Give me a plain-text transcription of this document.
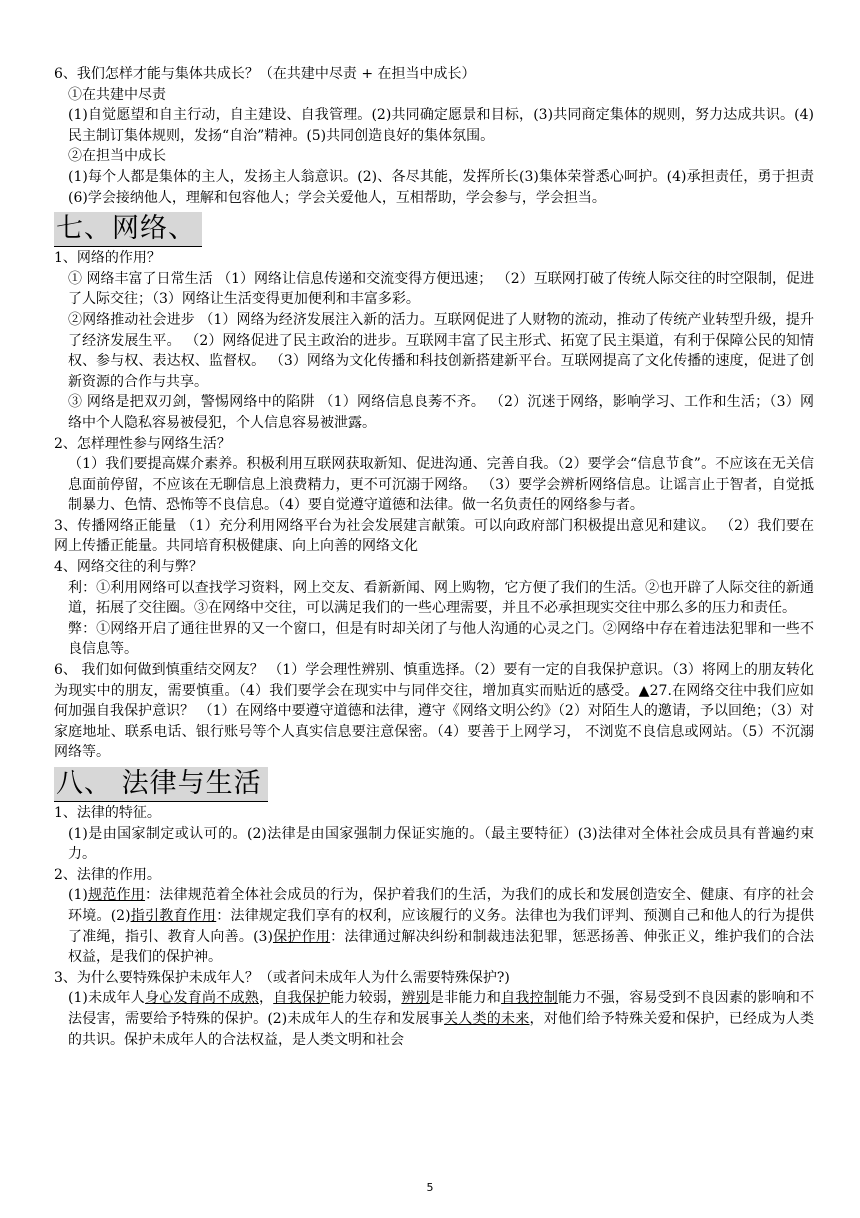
6、我们怎样才能与集体共成长？（在共建中尽责 + 在担当中成长）

①在共建中尽责

(1)自觉愿望和自主行动，自主建设、自我管理。(2)共同确定愿景和目标，(3)共同商定集体的规则，努力达成共识。(4)民主制订集体规则，发扬“自治”精神。(5)共同创造良好的集体氛围。

②在担当中成长

(1)每个人都是集体的主人，发扬主人翁意识。(2)、各尽其能，发挥所长(3)集体荣誉悉心呵护。(4)承担责任，勇于担责(6)学会接纳他人，理解和包容他人；学会关爱他人，互相帮助，学会参与，学会担当。

七、网络、

1、网络的作用？

① 网络丰富了日常生活 （1）网络让信息传递和交流变得方便迅速； （2）互联网打破了传统人际交往的时空限制，促进了人际交往；（3）网络让生活变得更加便利和丰富多彩。

②网络推动社会进步 （1）网络为经济发展注入新的活力。互联网促进了人财物的流动，推动了传统产业转型升级，提升了经济发展生平。 （2）网络促进了民主政治的进步。互联网丰富了民主形式、拓宽了民主渠道，有利于保障公民的知情权、参与权、表达权、监督权。 （3）网络为文化传播和科技创新搭建新平台。互联网提高了文化传播的速度，促进了创新资源的合作与共享。

③ 网络是把双刃剑，警惕网络中的陷阱 （1）网络信息良莠不齐。 （2）沉迷于网络，影响学习、工作和生活；（3）网络中个人隐私容易被侵犯，个人信息容易被泄露。

2、怎样理性参与网络生活？

（1）我们要提高媒介素养。积极利用互联网获取新知、促进沟通、完善自我。（2）要学会“信息节食”。不应该在无关信息面前停留，不应该在无聊信息上浪费精力，更不可沉溺于网络。 （3）要学会辨析网络信息。让谣言止于智者，自觉抵制暴力、色情、恐怖等不良信息。（4）要自觉遵守道德和法律。做一名负责任的网络参与者。

3、传播网络正能量 （1）充分利用网络平台为社会发展建言献策。可以向政府部门积极提出意见和建议。 （2）我们要在网上传播正能量。共同培育积极健康、向上向善的网络文化

4、网络交往的利与弊？

利：①利用网络可以查找学习资料，网上交友、看新新闻、网上购物，它方便了我们的生活。②也开辟了人际交往的新通道，拓展了交往圈。③在网络中交往，可以满足我们的一些心理需要，并且不必承担现实交往中那么多的压力和责任。

弊：①网络开启了通往世界的又一个窗口，但是有时却关闭了与他人沟通的心灵之门。②网络中存在着违法犯罪和一些不良信息等。

6、 我们如何做到慎重结交网友？ （1）学会理性辨别、慎重选择。（2）要有一定的自我保护意识。（3）将网上的朋友转化为现实中的朋友，需要慎重。（4）我们要学会在现实中与同伴交往，增加真实而贴近的感受。▲27.在网络交往中我们应如何加强自我保护意识？ （1）在网络中要遵守道德和法律，遵守《网络文明公约》（2）对陌生人的邀请，予以回绝；（3）对家庭地址、联系电话、银行账号等个人真实信息要注意保密。（4）要善于上网学习， 不浏览不良信息或网站。（5）不沉溺网络等。

八、 法律与生活

1、法律的特征。

(1)是由国家制定或认可的。(2)法律是由国家强制力保证实施的。（最主要特征）(3)法律对全体社会成员具有普遍约束力。

2、法律的作用。

(1)规范作用：法律规范着全体社会成员的行为，保护着我们的生活，为我们的成长和发展创造安全、健康、有序的社会环境。(2)指引教育作用：法律规定我们享有的权利，应该履行的义务。法律也为我们评判、预测自己和他人的行为提供了准绳，指引、教育人向善。(3)保护作用：法律通过解决纠纷和制裁违法犯罪，惩恶扬善、伸张正义，维护我们的合法权益，是我们的保护神。

3、为什么要特殊保护未成年人？（或者问未成年人为什么需要特殊保护?)

(1)未成年人身心发育尚不成熟，自我保护能力较弱，辨别是非能力和自我控制能力不强，容易受到不良因素的影响和不法侵害，需要给予特殊的保护。(2)未成年人的生存和发展事关人类的未来，对他们给予特殊关爱和保护，已经成为人类的共识。保护未成年人的合法权益，是人类文明和社会

5
